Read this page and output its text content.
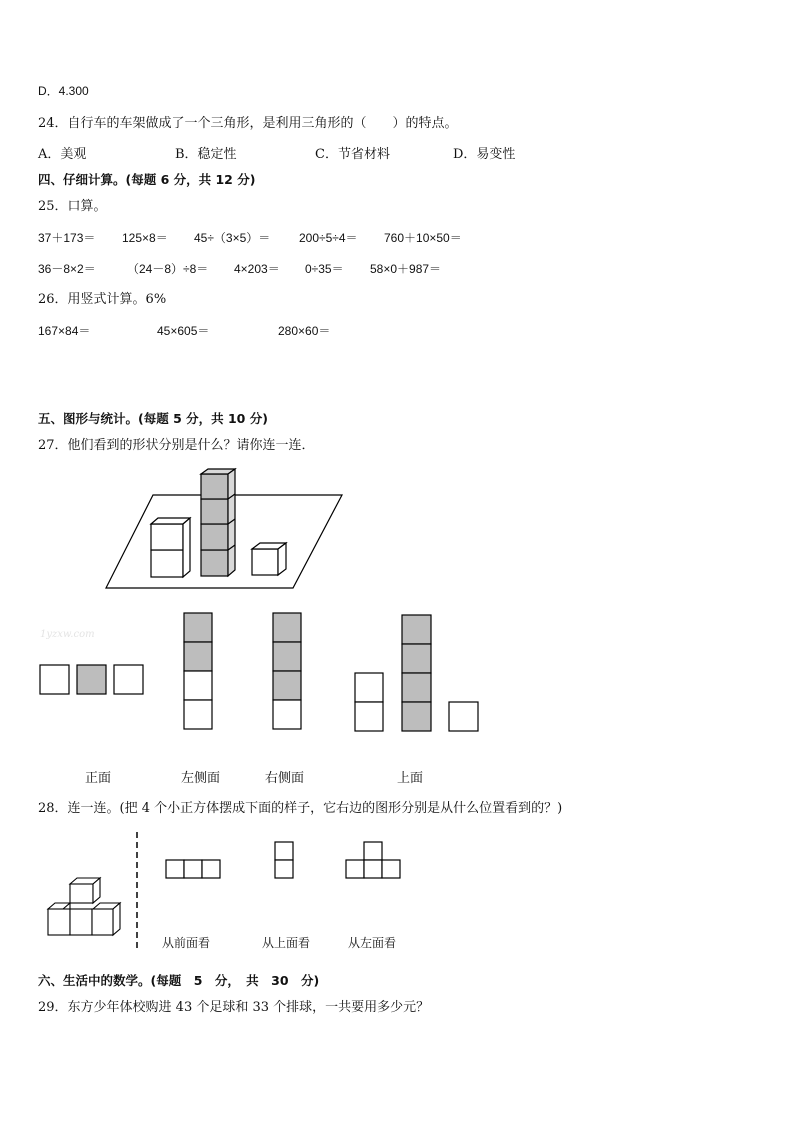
D．4.300
24．自行车的车架做成了一个三角形，是利用三角形的（　　）的特点。
A．美观	B．稳定性	C．节省材料	D．易变性
四、仔细计算。(每题 6 分，共 12 分)
25．口算。
37＋173＝ 125×8＝ 45÷（3×5）＝ 200÷5÷4＝ 760＋10×50＝
36－8×2＝	（24－8）÷8＝ 4×203＝ 0÷35＝ 58×0＋987＝
26．用竖式计算。6%
167×84＝	45×605＝	280×60＝
五、图形与统计。(每题 5 分，共 10 分)
27．他们看到的形状分别是什么？请你连一连．
1yzxw.com
正面	左侧面	右侧面	上面
28．连一连。(把 4 个小正方体摆成下面的样子，它右边的图形分别是从什么位置看到的？)
从前面看	从上面看	从左面看
六、生活中的数学。(每题　5　分，　共　30　分)
29．东方少年体校购进 43 个足球和 33 个排球，一共要用多少元？
